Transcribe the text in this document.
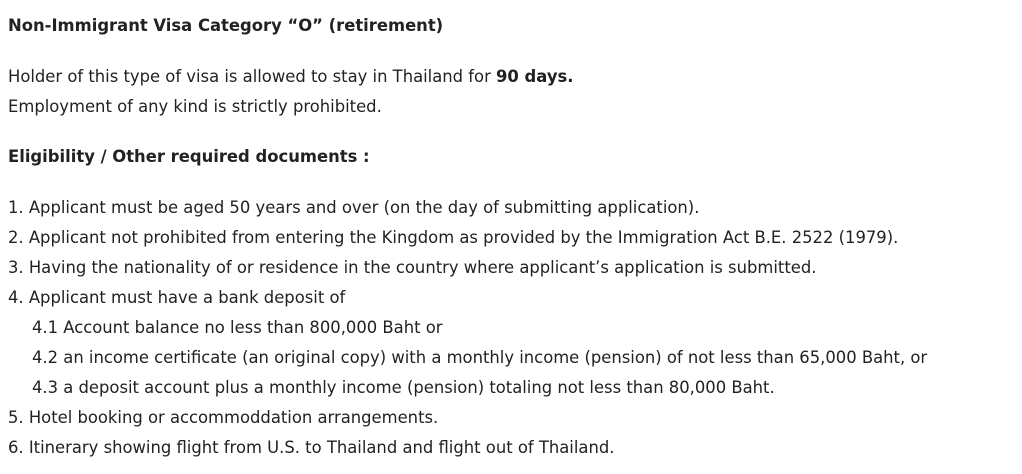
Non-Immigrant Visa Category “O” (retirement)
Holder of this type of visa is allowed to stay in Thailand for 90 days.
Employment of any kind is strictly prohibited.
Eligibility / Other required documents :
1. Applicant must be aged 50 years and over (on the day of submitting application).
2. Applicant not prohibited from entering the Kingdom as provided by the Immigration Act B.E. 2522 (1979).
3. Having the nationality of or residence in the country where applicant’s application is submitted.
4. Applicant must have a bank deposit of
4.1 Account balance no less than 800,000 Baht or
4.2 an income certificate (an original copy) with a monthly income (pension) of not less than 65,000 Baht, or
4.3 a deposit account plus a monthly income (pension) totaling not less than 80,000 Baht.
5. Hotel booking or accommoddation arrangements.
6. Itinerary showing flight from U.S. to Thailand and flight out of Thailand.
